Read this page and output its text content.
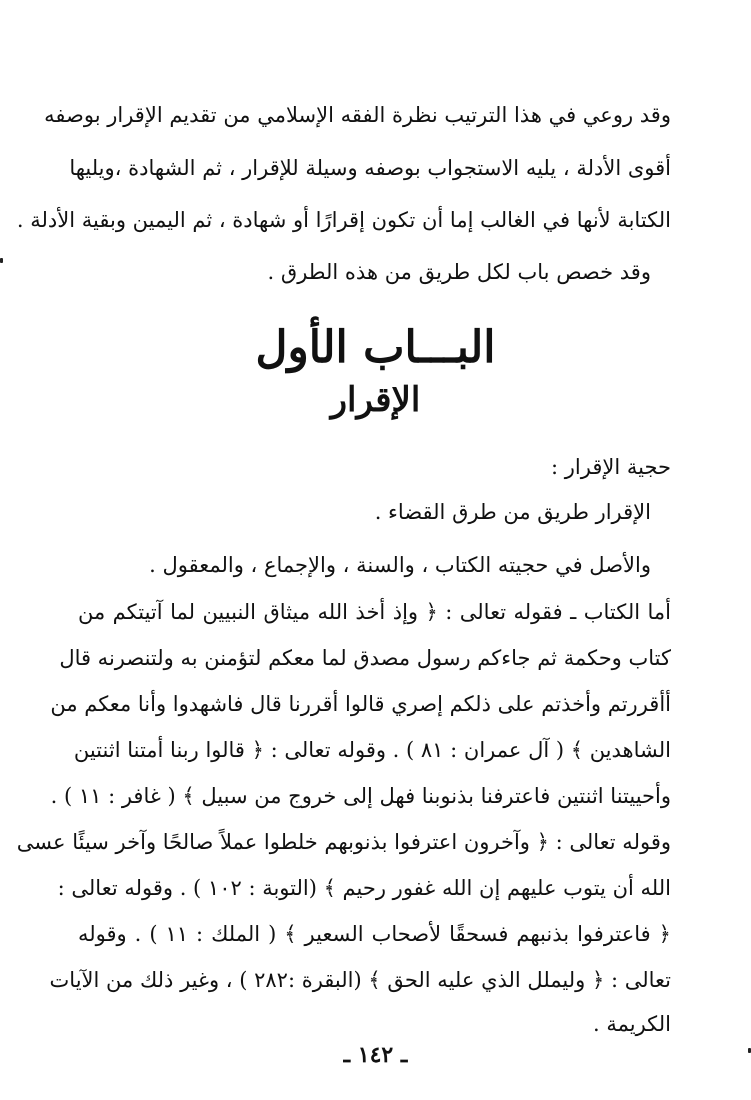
وقد روعي في هذا الترتيب نظرة الفقه الإسلامي من تقديم الإقرار بوصفه
أقوى الأدلة ، يليه الاستجواب بوصفه وسيلة للإقرار ، ثم الشهادة ،ويليها
الكتابة لأنها في الغالب إما أن تكون إقرارًا أو شهادة ، ثم اليمين وبقية الأدلة .
وقد خصص باب لكل طريق من هذه الطرق .
البـــاب الأول
الإقرار
حجية الإقرار :
الإقرار طريق من طرق القضاء .
والأصل في حجيته الكتاب ، والسنة ، والإجماع ، والمعقول .
أما الكتاب ـ فقوله تعالى : ﴿ وإذ أخذ الله ميثاق النبيين لما آتيتكم من
كتاب وحكمة ثم جاءكم رسول مصدق لما معكم لتؤمنن به ولتنصرنه قال
أأقررتم وأخذتم على ذلكم إصري قالوا أقررنا قال فاشهدوا وأنا معكم من
الشاهدين ﴾ ( آل عمران : ٨١ ) . وقوله تعالى : ﴿ قالوا ربنا أمتنا اثنتين
وأحييتنا اثنتين فاعترفنا بذنوبنا فهل إلى خروج من سبيل ﴾ ( غافر : ١١ ) .
وقوله تعالى : ﴿ وآخرون اعترفوا بذنوبهم خلطوا عملاً صالحًا وآخر سيئًا عسى
الله أن يتوب عليهم إن الله غفور رحيم ﴾ (التوبة : ١٠٢ ) . وقوله تعالى :
﴿ فاعترفوا بذنبهم فسحقًا لأصحاب السعير ﴾ ( الملك : ١١ ) . وقوله
تعالى : ﴿ وليملل الذي عليه الحق ﴾ (البقرة :٢٨٢ ) ، وغير ذلك من الآيات
الكريمة .
ـ ١٤٢ ـ
